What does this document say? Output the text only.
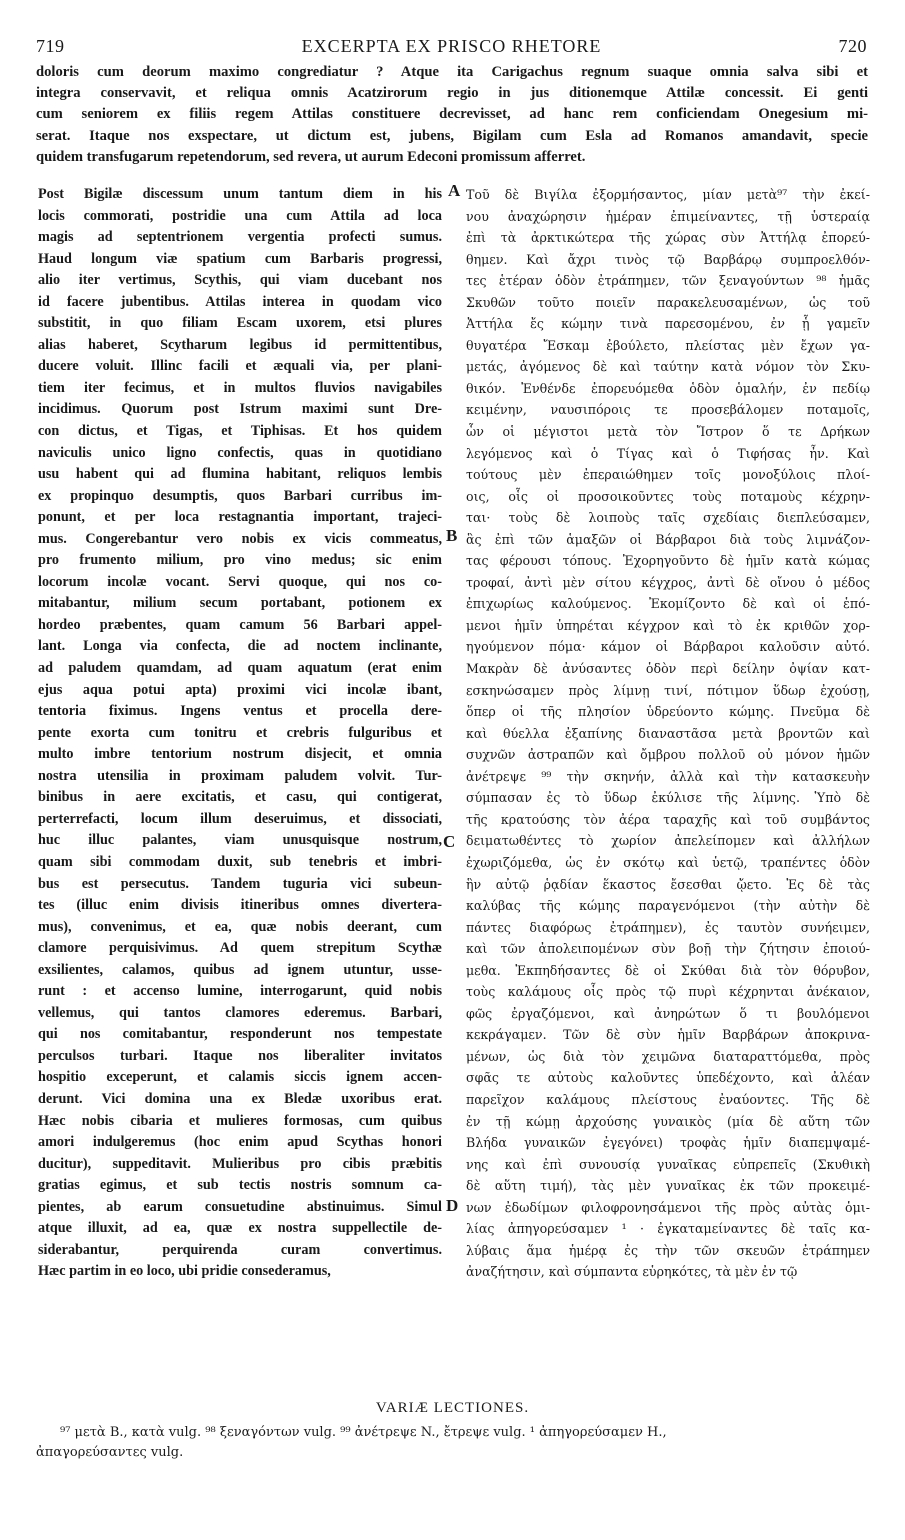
719	EXCERPTA EX PRISCO RHETORE	720
doloris cum deorum maximo congrediatur ? Atque ita Carigachus regnum suaque omnia salva sibi et
integra conservavit, et reliqua omnis Acatzirorum regio in jus ditionemque Attilæ concessit. Ei genti
cum seniorem ex filiis regem Attilas constituere decrevisset, ad hanc rem conficiendam Onegesium mi-
serat. Itaque nos exspectare, ut dictum est, jubens, Bigilam cum Esla ad Romanos amandavit, specie
quidem transfugarum repetendorum, sed revera, ut aurum Edeconi promissum afferret.
Post Bigilæ discessum unum tantum diem in his
locis commorati, postridie una cum Attila ad loca
magis ad septentrionem vergentia profecti sumus.
Haud longum viæ spatium cum Barbaris progressi,
alio iter vertimus, Scythis, qui viam ducebant nos
id facere jubentibus. Attilas interea in quodam vico
substitit, in quo filiam Escam uxorem, etsi plures
alias haberet, Scytharum legibus id permittentibus,
ducere voluit. Illinc facili et æquali via, per plani-
tiem iter fecimus, et in multos fluvios navigabiles
incidimus. Quorum post Istrum maximi sunt Dre-
con dictus, et Tigas, et Tiphisas. Et hos quidem
naviculis unico ligno confectis, quas in quotidiano
usu habent qui ad flumina habitant, reliquos lembis
ex propinquo desumptis, quos Barbari curribus im-
ponunt, et per loca restagnantia important, trajeci-
mus. Congerebantur vero nobis ex vicis commeatus,
pro frumento milium, pro vino medus; sic enim
locorum incolæ vocant. Servi quoque, qui nos co-
mitabantur, milium secum portabant, potionem ex
hordeo præbentes, quam camum 56 Barbari appel-
lant. Longa via confecta, die ad noctem inclinante,
ad paludem quamdam, ad quam aquatum (erat enim
ejus aqua potui apta) proximi vici incolæ ibant,
tentoria fiximus. Ingens ventus et procella dere-
pente exorta cum tonitru et crebris fulguribus et
multo imbre tentorium nostrum disjecit, et omnia
nostra utensilia in proximam paludem volvit. Tur-
binibus in aere excitatis, et casu, qui contigerat,
perterrefacti, locum illum deseruimus, et dissociati,
huc illuc palantes, viam unusquisque nostrum,
quam sibi commodam duxit, sub tenebris et imbri-
bus est persecutus. Tandem tuguria vici subeun-
tes (illuc enim divisis itineribus omnes divertera-
mus), convenimus, et ea, quæ nobis deerant, cum
clamore perquisivimus. Ad quem strepitum Scythæ
exsilientes, calamos, quibus ad ignem utuntur, usse-
runt : et accenso lumine, interrogarunt, quid nobis
vellemus, qui tantos clamores ederemus. Barbari,
qui nos comitabantur, responderunt nos tempestate
perculsos turbari. Itaque nos liberaliter invitatos
hospitio exceperunt, et calamis siccis ignem accen-
derunt. Vici domina una ex Bledæ uxoribus erat.
Hæc nobis cibaria et mulieres formosas, cum quibus
amori indulgeremus (hoc enim apud Scythas honori
ducitur), suppeditavit. Mulieribus pro cibis præbitis
gratias egimus, et sub tectis nostris somnum ca-
pientes, ab earum consuetudine abstinuimus. Simul
atque illuxit, ad ea, quæ ex nostra suppellectile de-
siderabantur, perquirenda curam convertimus.
Hæc partim in eo loco, ubi pridie consederamus,
Τοῦ δὲ Βιγίλα ἐξορμήσαντος, μίαν μετὰ⁹⁷ τὴν ἐκεί-
νου ἀναχώρησιν ἡμέραν ἐπιμείναντες, τῇ ὑστεραίᾳ
ἐπὶ τὰ ἀρκτικώτερα τῆς χώρας σὺν Ἀττήλᾳ ἐπορεύ-
θημεν. Καὶ ἄχρι τινὸς τῷ Βαρβάρῳ συμπροελθόν-
τες ἑτέραν ὁδὸν ἐτράπημεν, τῶν ξεναγούντων ⁹⁸ ἡμᾶς
Σκυθῶν τοῦτο ποιεῖν παρακελευσαμένων, ὡς τοῦ
Ἀττήλα ἔς κώμην τινὰ παρεσομένου, ἐν ᾗ γαμεῖν
θυγατέρα Ἔσκαμ ἐβούλετο, πλείστας μὲν ἔχων γα-
μετάς, ἀγόμενος δὲ καὶ ταύτην κατὰ νόμον τὸν Σκυ-
θικόν. Ἐνθένδε ἐπορευόμεθα ὁδὸν ὁμαλήν, ἐν πεδίῳ
κειμένην, ναυσιπόροις τε προσεβάλομεν ποταμοῖς,
ὧν οἱ μέγιστοι μετὰ τὸν Ἴστρον ὅ τε Δρήκων
λεγόμενος καὶ ὁ Τίγας καὶ ὁ Τιφήσας ἦν. Καὶ
τούτους μὲν ἐπεραιώθημεν τοῖς μονοξύλοις πλοί-
οις, οἷς οἱ προσοικοῦντες τοὺς ποταμοὺς κέχρην-
ται· τοὺς δὲ λοιποὺς ταῖς σχεδίαις διεπλεύσαμεν,
ἃς ἐπὶ τῶν ἁμαξῶν οἱ Βάρβαροι διὰ τοὺς λιμνάζον-
τας φέρουσι τόπους. Ἐχορηγοῦντο δὲ ἡμῖν κατὰ κώμας
τροφαί, ἀντὶ μὲν σίτου κέγχρος, ἀντὶ δὲ οἴνου ὁ μέδος
ἐπιχωρίως καλούμενος. Ἐκομίζοντο δὲ καὶ οἱ ἑπό-
μενοι ἡμῖν ὑπηρέται κέγχρον καὶ τὸ ἐκ κριθῶν χορ-
ηγούμενον πόμα· κάμον οἱ Βάρβαροι καλοῦσιν αὐτό.
Μακρὰν δὲ ἀνύσαντες ὁδὸν περὶ δείλην ὀψίαν κατ-
εσκηνώσαμεν πρὸς λίμνῃ τινί, πότιμον ὕδωρ ἐχούσῃ,
ὅπερ οἱ τῆς πλησίον ὑδρεύοντο κώμης. Πνεῦμα δὲ
καὶ θύελλα ἐξαπίνης διαναστᾶσα μετὰ βροντῶν καὶ
συχνῶν ἀστραπῶν καὶ ὄμβρου πολλοῦ οὐ μόνον ἡμῶν
ἀνέτρεψε ⁹⁹ τὴν σκηνήν, ἀλλὰ καὶ τὴν κατασκευὴν
σύμπασαν ἐς τὸ ὕδωρ ἐκύλισε τῆς λίμνης. Ὑπὸ δὲ
τῆς κρατούσης τὸν ἀέρα ταραχῆς καὶ τοῦ συμβάντος
δειματωθέντες τὸ χωρίον ἀπελείπομεν καὶ ἀλλήλων
ἐχωριζόμεθα, ὡς ἐν σκότῳ καὶ ὑετῷ, τραπέντες ὁδὸν
ἣν αὐτῷ ῥᾳδίαν ἕκαστος ἔσεσθαι ᾤετο. Ἐς δὲ τὰς
καλύβας τῆς κώμης παραγενόμενοι (τὴν αὐτὴν δὲ
πάντες διαφόρως ἐτράπημεν), ἐς ταυτὸν συνήειμεν,
καὶ τῶν ἀπολειπομένων σὺν βοῇ τὴν ζήτησιν ἐποιού-
μεθα. Ἐκπηδήσαντες δὲ οἱ Σκύθαι διὰ τὸν θόρυβον,
τοὺς καλάμους οἷς πρὸς τῷ πυρὶ κέχρηνται ἀνέκαιον,
φῶς ἐργαζόμενοι, καὶ ἀνηρώτων ὅ τι βουλόμενοι
κεκράγαμεν. Τῶν δὲ σὺν ἡμῖν Βαρβάρων ἀποκρινα-
μένων, ὡς διὰ τὸν χειμῶνα διαταραττόμεθα, πρὸς
σφᾶς τε αὐτοὺς καλοῦντες ὑπεδέχοντο, καὶ ἀλέαν
παρεῖχον καλάμους πλείστους ἐναύοντες. Τῆς δὲ
ἐν τῇ κώμῃ ἀρχούσης γυναικὸς (μία δὲ αὕτη τῶν
Βλήδα γυναικῶν ἐγεγόνει) τροφὰς ἡμῖν διαπεμψαμέ-
νης καὶ ἐπὶ συνουσίᾳ γυναῖκας εὐπρεπεῖς (Σκυθικὴ
δὲ αὕτη τιμή), τὰς μὲν γυναῖκας ἐκ τῶν προκειμέ-
νων ἐδωδίμων φιλοφρονησάμενοι τῆς πρὸς αὐτὰς ὁμι-
λίας ἀπηγορεύσαμεν ¹ · ἐγκαταμείναντες δὲ ταῖς κα-
λύβαις ἅμα ἡμέρᾳ ἐς τὴν τῶν σκευῶν ἐτράπημεν
ἀναζήτησιν, καὶ σύμπαντα εὑρηκότες, τὰ μὲν ἐν τῷ
A
B
C
D
VARIÆ LECTIONES.
⁹⁷ μετὰ B., κατὰ vulg. ⁹⁸ ξεναγόντων vulg. ⁹⁹ ἀνέτρεψε N., ἔτρεψε vulg. ¹ ἀπηγορεύσαμεν H.,
ἀπαγορεύσαντες vulg.
